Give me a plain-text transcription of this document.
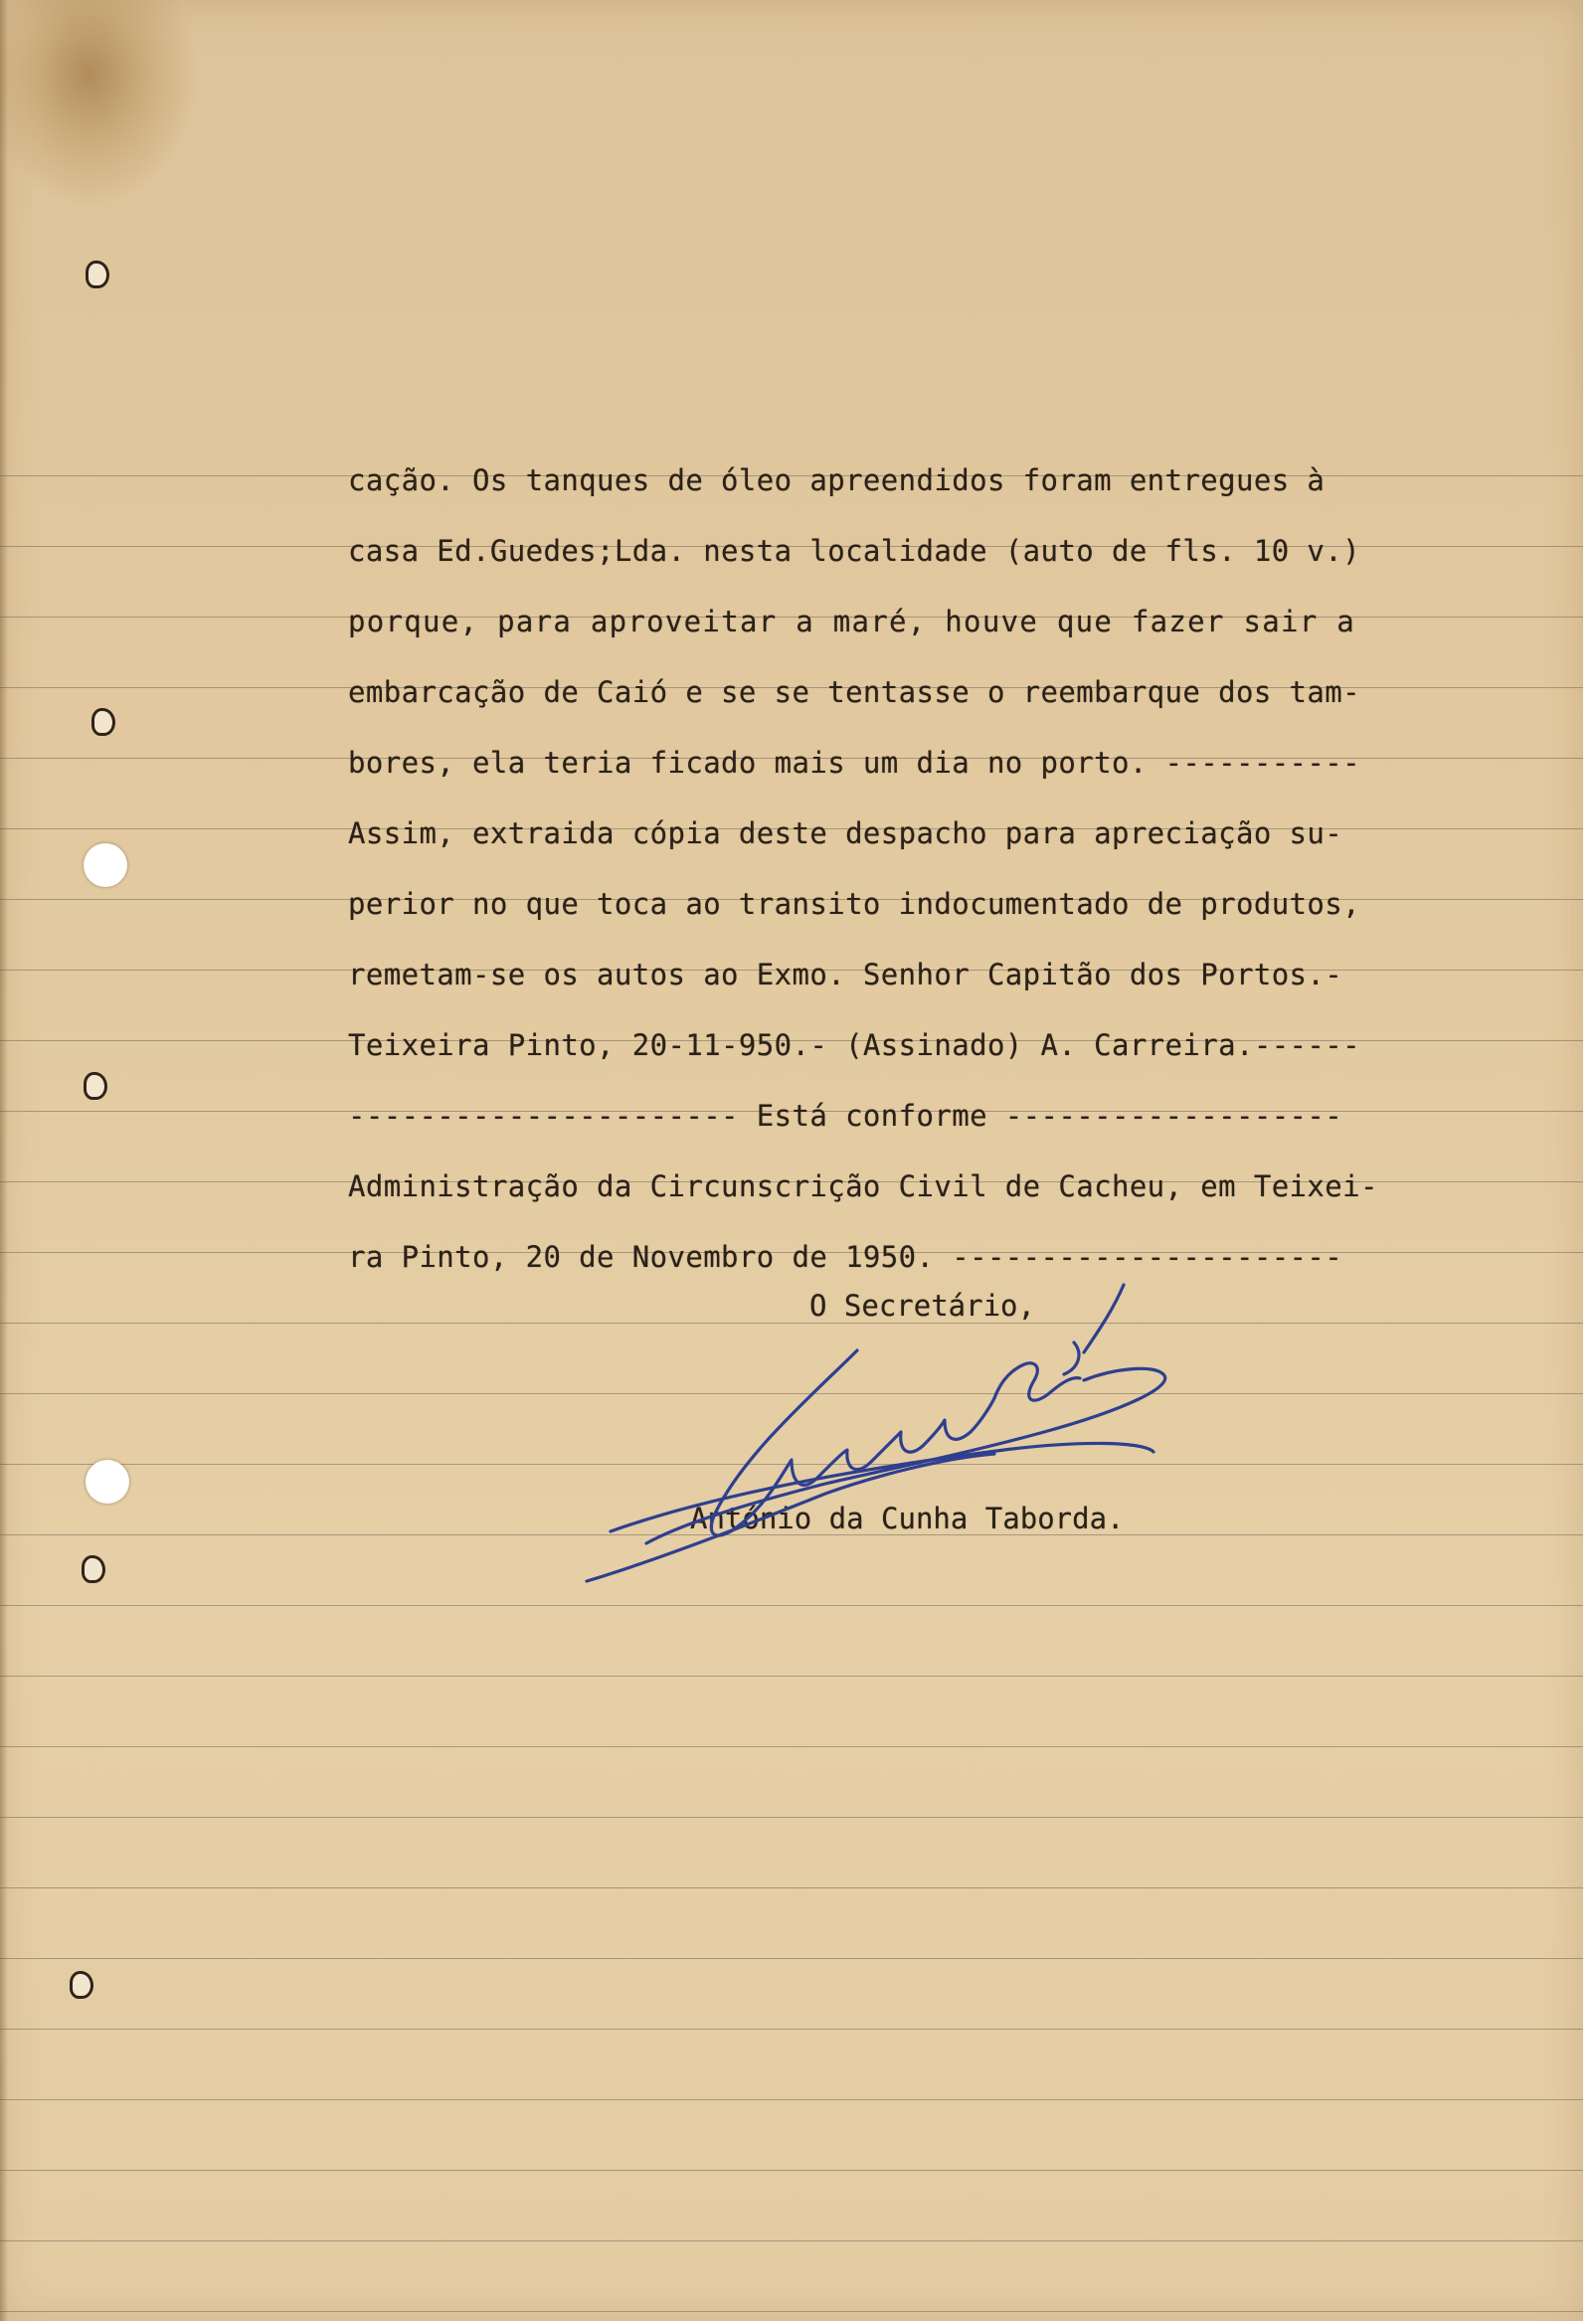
cação. Os tanques de óleo apreendidos foram entregues à
casa Ed.Guedes;Lda. nesta localidade (auto de fls. 10 v.)
porque, para aproveitar a maré, houve que fazer sair a
embarcação de Caió e se se tentasse o reembarque dos tam-
bores, ela teria ficado mais um dia no porto. -----------
Assim, extraida cópia deste despacho para apreciação su-
perior no que toca ao transito indocumentado de produtos,
remetam-se os autos ao Exmo. Senhor Capitão dos Portos.-
Teixeira Pinto, 20-11-950.- (Assinado) A. Carreira.------
---------------------- Está conforme -------------------
Administração da Circunscrição Civil de Cacheu, em Teixei-
ra Pinto, 20 de Novembro de 1950. ----------------------
O Secretário,
António da Cunha Taborda.
